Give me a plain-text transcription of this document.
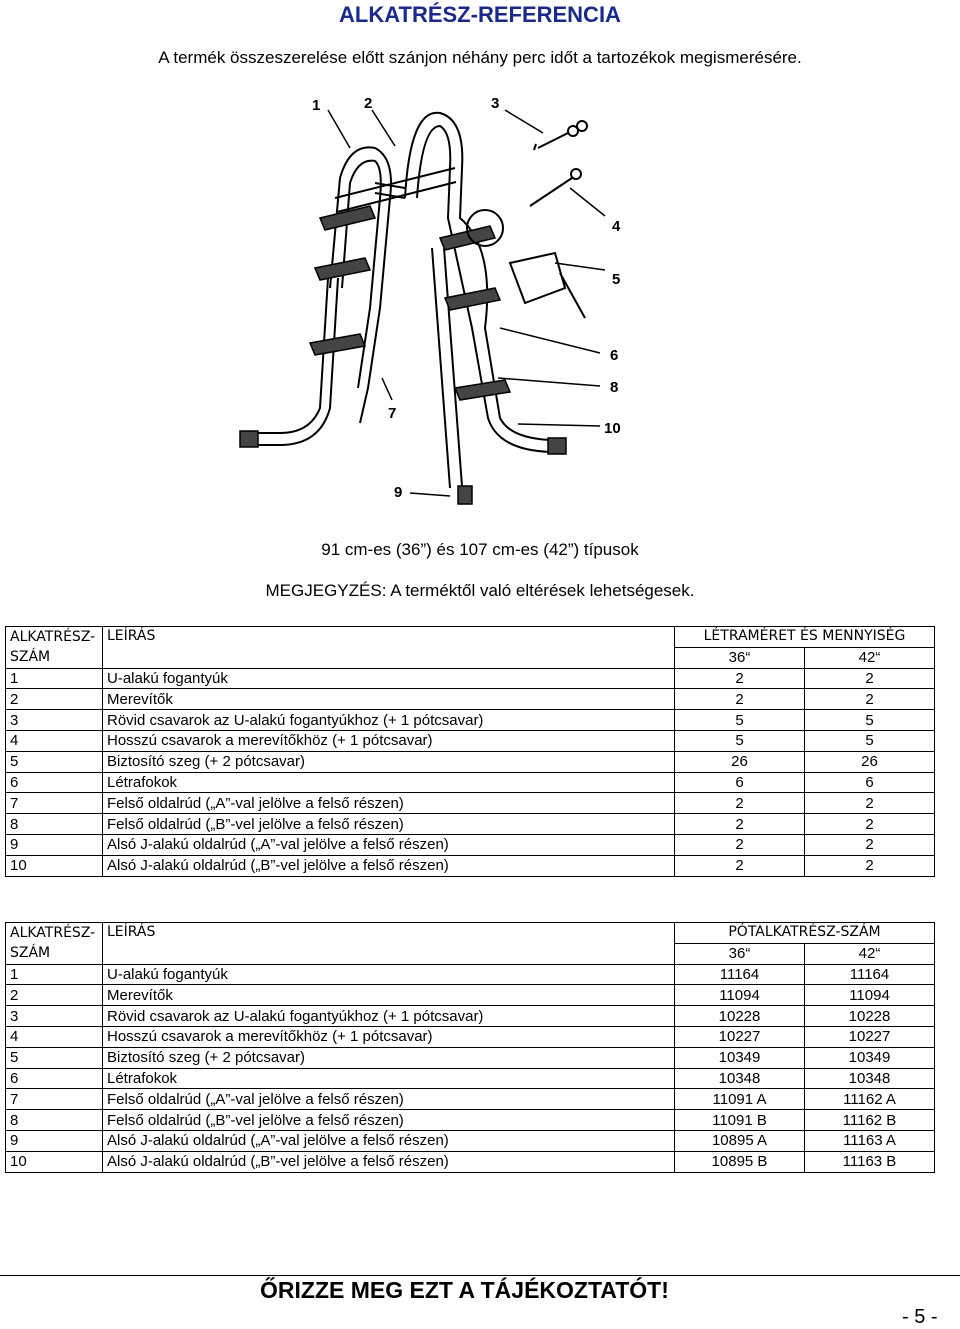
ALKATRÉSZ-REFERENCIA
A termék összeszerelése előtt szánjon néhány perc időt a tartozékok megismerésére.
1	2	3
4
5
6
8
7
10
9
91 cm-es (36”) és 107 cm-es (42”) típusok
MEGJEGYZÉS: A terméktől való eltérések lehetségesek.
ALKATRÉSZ-
SZÁM	LEÍRÁS	LÉTRAMÉRET ÉS MENNYISÉG	
		36“	42“
1	U-alakú fogantyúk	2	2
2	Merevítők	2	2
3	Rövid csavarok az U-alakú fogantyúkhoz (+ 1 pótcsavar)	5	5
4	Hosszú csavarok a merevítőkhöz (+ 1 pótcsavar)	5	5
5	Biztosító szeg (+ 2 pótcsavar)	26	26
6	Létrafokok	6	6
7	Felső oldalrúd („A”-val jelölve a felső részen)	2	2
8	Felső oldalrúd („B”-vel jelölve a felső részen)	2	2
9	Alsó J-alakú oldalrúd („A”-val jelölve a felső részen)	2	2
10	Alsó J-alakú oldalrúd („B”-vel jelölve a felső részen)	2	2
ALKATRÉSZ-
SZÁM	LEÍRÁS	PÓTALKATRÉSZ-SZÁM	
		36“	42“
1	U-alakú fogantyúk	11164	11164
2	Merevítők	11094	11094
3	Rövid csavarok az U-alakú fogantyúkhoz (+ 1 pótcsavar)	10228	10228
4	Hosszú csavarok a merevítőkhöz (+ 1 pótcsavar)	10227	10227
5	Biztosító szeg (+ 2 pótcsavar)	10349	10349
6	Létrafokok	10348	10348
7	Felső oldalrúd („A”-val jelölve a felső részen)	11091 A	11162 A
8	Felső oldalrúd („B”-vel jelölve a felső részen)	11091 B	11162 B
9	Alsó J-alakú oldalrúd („A”-val jelölve a felső részen)	10895 A	11163 A
10	Alsó J-alakú oldalrúd („B”-vel jelölve a felső részen)	10895 B	11163 B
ŐRIZZE MEG EZT A TÁJÉKOZTATÓT!
- 5 -
